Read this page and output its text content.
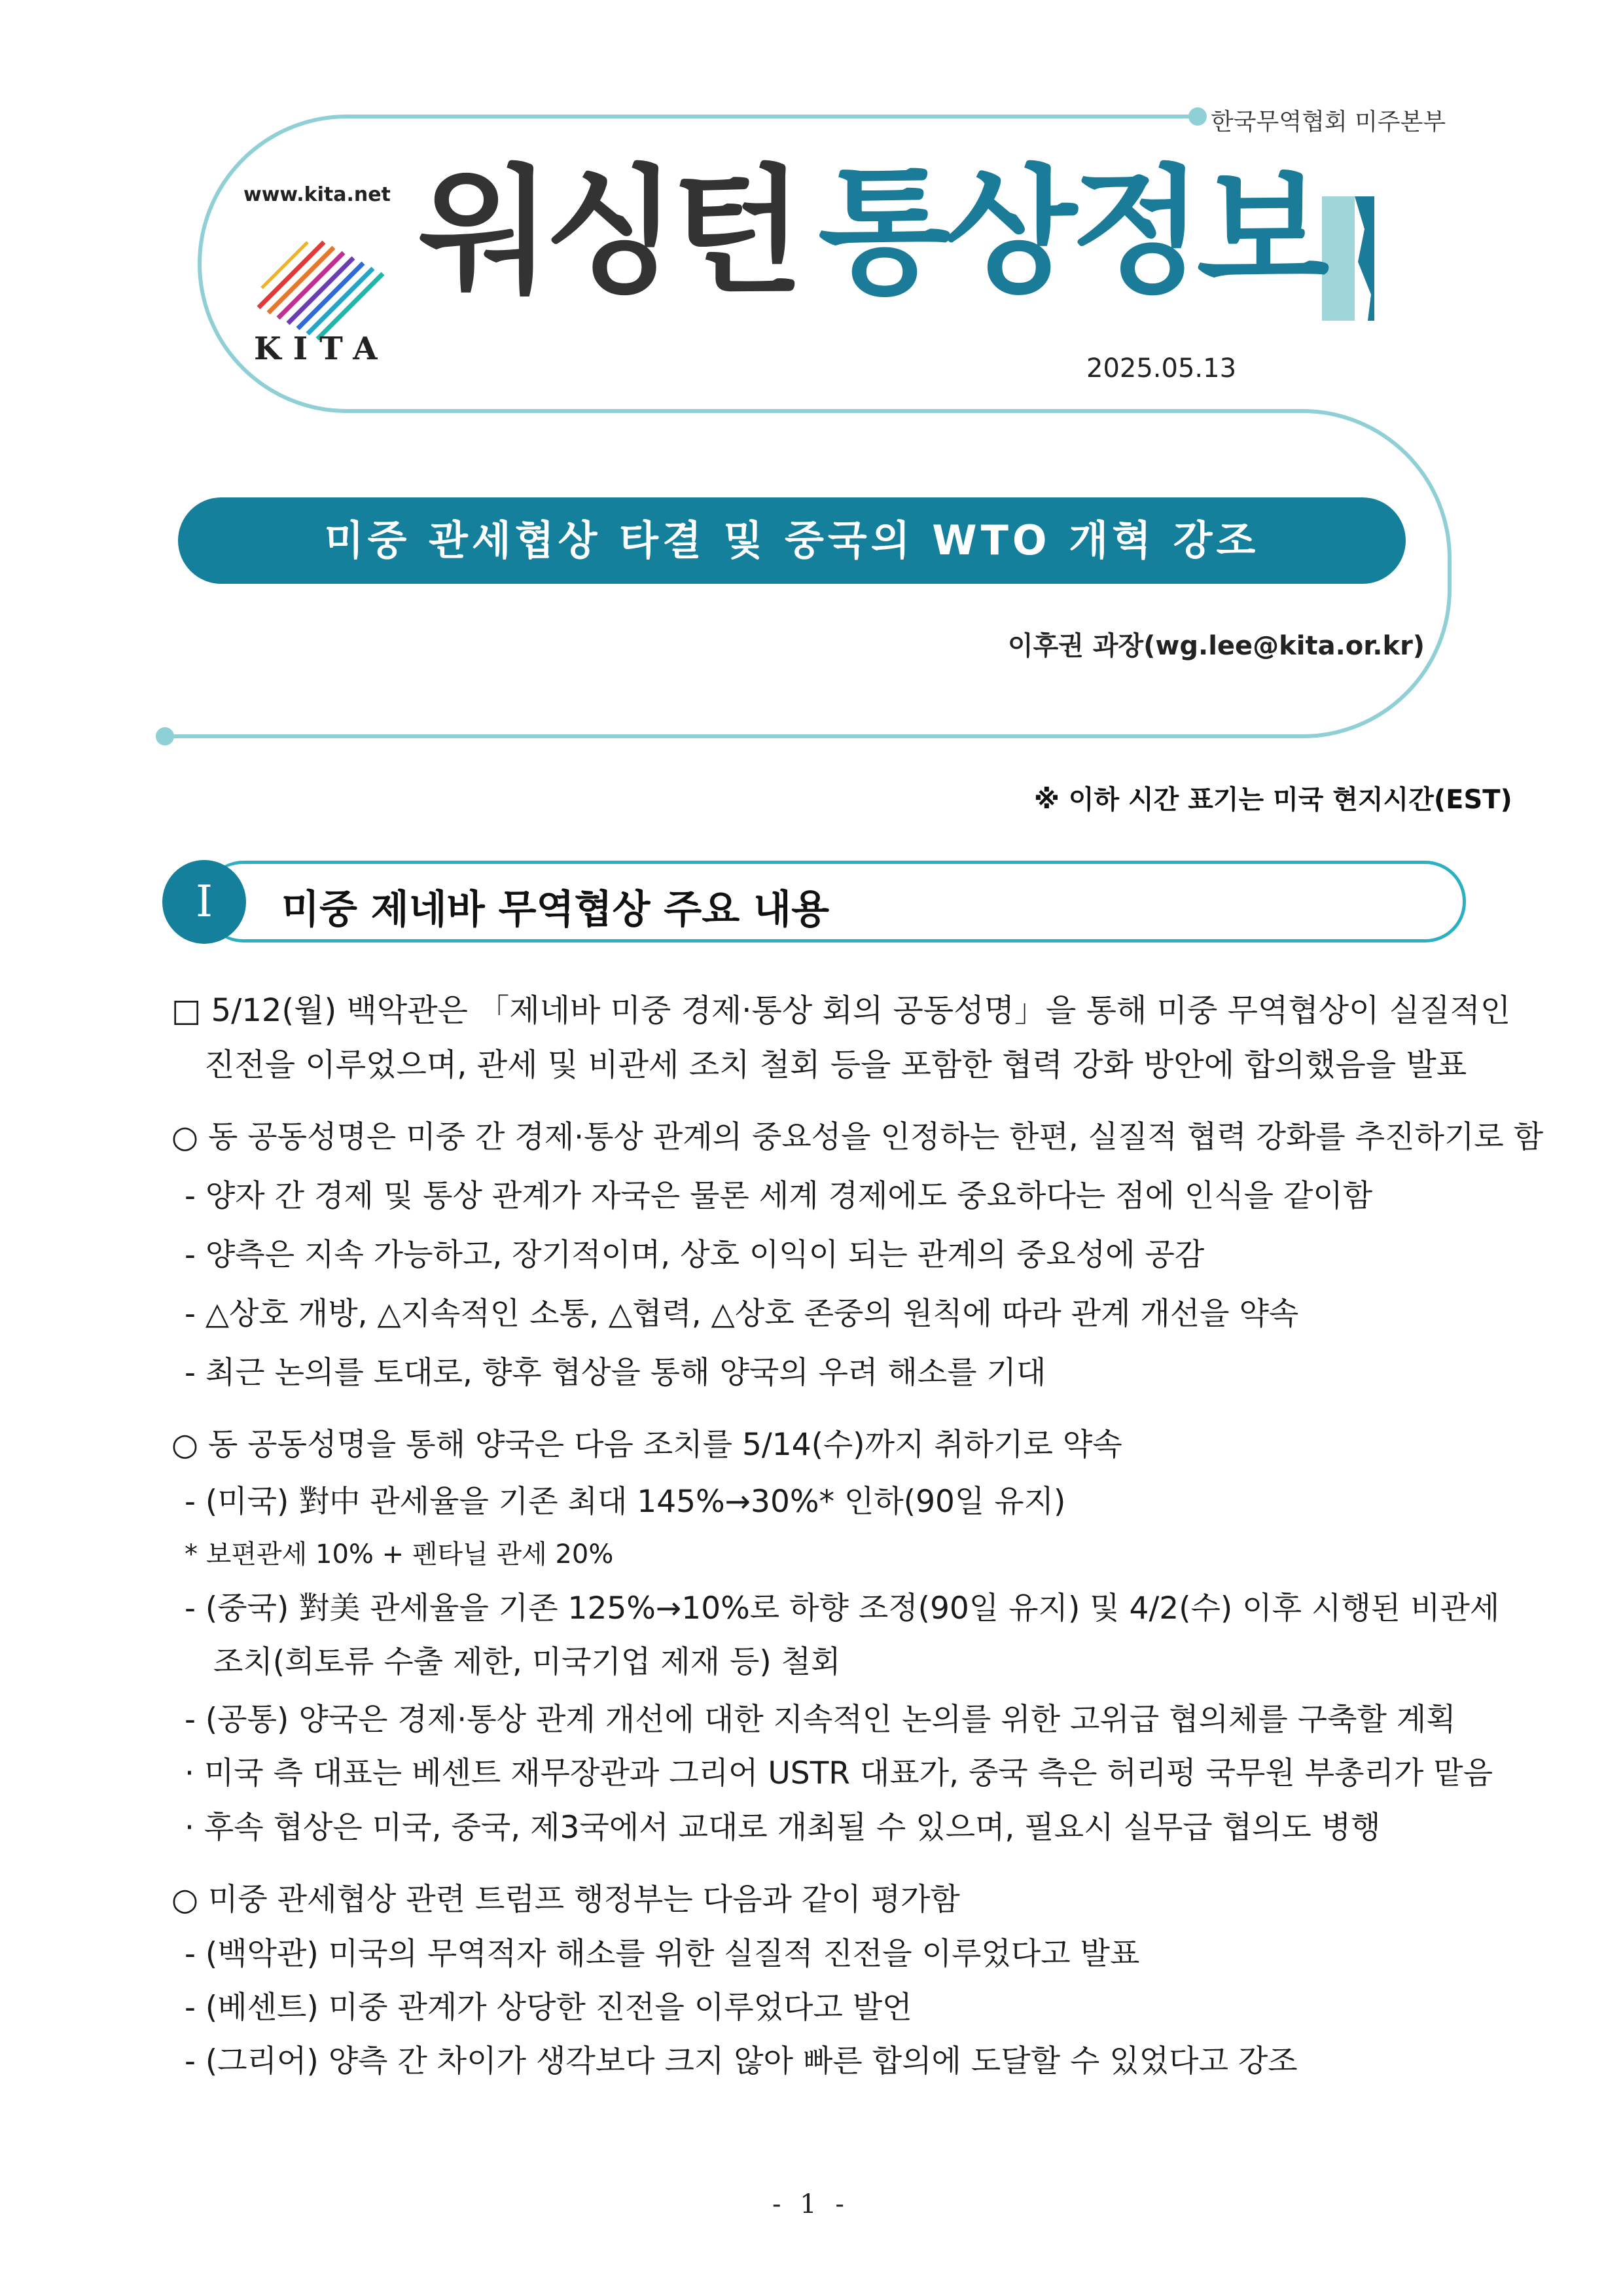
한국무역협회 미주본부
www.kita.net
KITA
워싱턴 통상정보
2025.05.13
미중 관세협상 타결 및 중국의 WTO 개혁 강조
이후권 과장(wg.lee@kita.or.kr)
※ 이하 시간 표기는 미국 현지시간(EST)
Ⅰ	미중 제네바 무역협상 주요 내용
□ 5/12(월) 백악관은 「제네바 미중 경제·통상 회의 공동성명」을 통해 미중 무역협상이 실질적인
진전을 이루었으며, 관세 및 비관세 조치 철회 등을 포함한 협력 강화 방안에 합의했음을 발표
○ 동 공동성명은 미중 간 경제·통상 관계의 중요성을 인정하는 한편, 실질적 협력 강화를 추진하기로 함
- 양자 간 경제 및 통상 관계가 자국은 물론 세계 경제에도 중요하다는 점에 인식을 같이함
- 양측은 지속 가능하고, 장기적이며, 상호 이익이 되는 관계의 중요성에 공감
- △상호 개방, △지속적인 소통, △협력, △상호 존중의 원칙에 따라 관계 개선을 약속
- 최근 논의를 토대로, 향후 협상을 통해 양국의 우려 해소를 기대
○ 동 공동성명을 통해 양국은 다음 조치를 5/14(수)까지 취하기로 약속
- (미국) 對中 관세율을 기존 최대 145%→30%* 인하(90일 유지)
* 보편관세 10% + 펜타닐 관세 20%
- (중국) 對美 관세율을 기존 125%→10%로 하향 조정(90일 유지) 및 4/2(수) 이후 시행된 비관세
조치(희토류 수출 제한, 미국기업 제재 등) 철회
- (공통) 양국은 경제·통상 관계 개선에 대한 지속적인 논의를 위한 고위급 협의체를 구축할 계획
· 미국 측 대표는 베센트 재무장관과 그리어 USTR 대표가, 중국 측은 허리펑 국무원 부총리가 맡음
· 후속 협상은 미국, 중국, 제3국에서 교대로 개최될 수 있으며, 필요시 실무급 협의도 병행
○ 미중 관세협상 관련 트럼프 행정부는 다음과 같이 평가함
- (백악관) 미국의 무역적자 해소를 위한 실질적 진전을 이루었다고 발표
- (베센트) 미중 관계가 상당한 진전을 이루었다고 발언
- (그리어) 양측 간 차이가 생각보다 크지 않아 빠른 합의에 도달할 수 있었다고 강조
- 1 -
